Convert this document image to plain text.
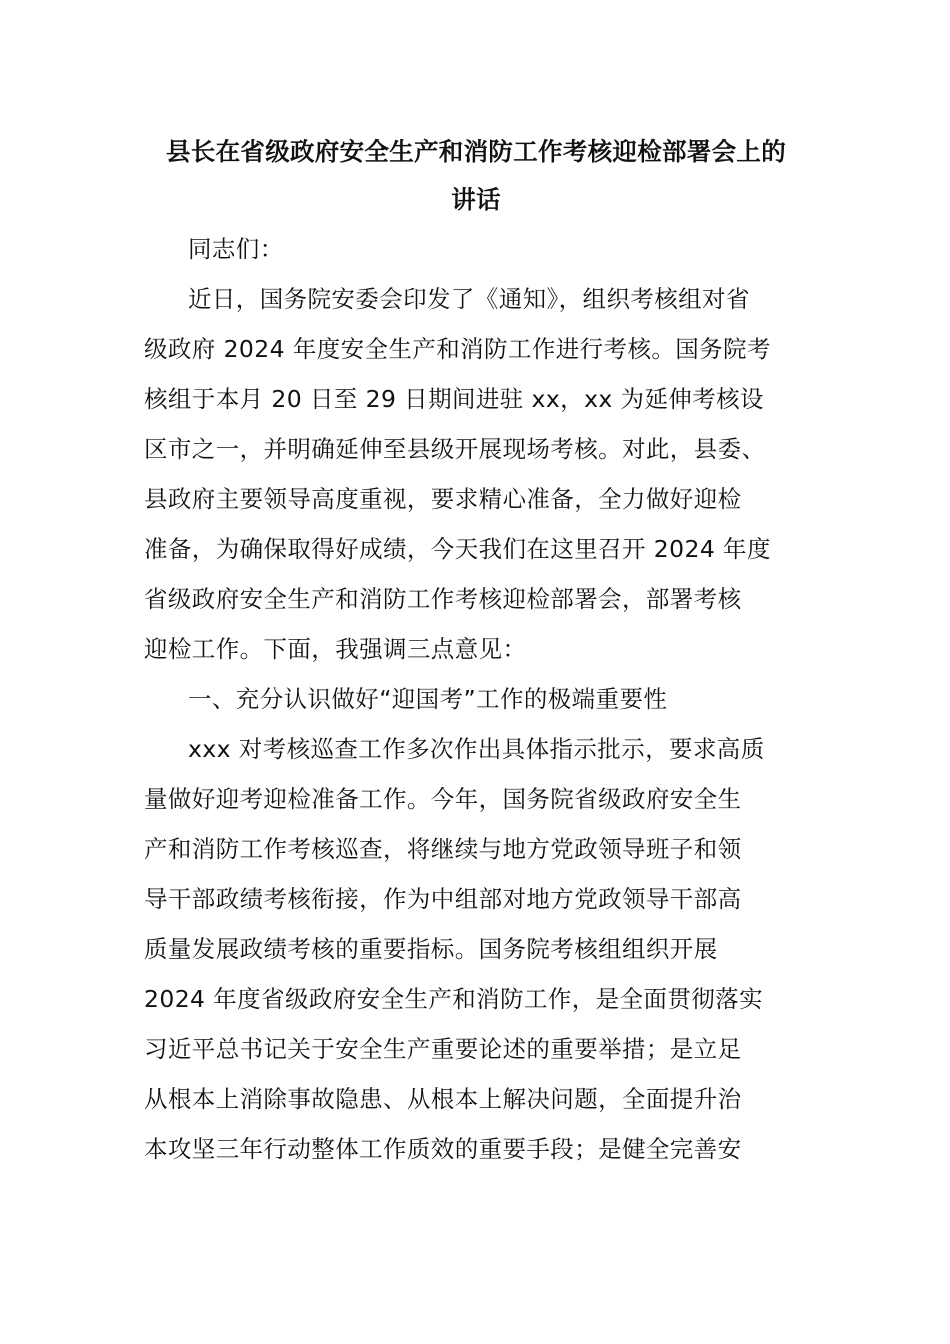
县长在省级政府安全生产和消防工作考核迎检部署会上的
讲话
同志们：
近日，国务院安委会印发了《通知》，组织考核组对省
级政府 2024 年度安全生产和消防工作进行考核。国务院考
核组于本月 20 日至 29 日期间进驻 xx，xx 为延伸考核设
区市之一，并明确延伸至县级开展现场考核。对此，县委、
县政府主要领导高度重视，要求精心准备，全力做好迎检
准备，为确保取得好成绩，今天我们在这里召开 2024 年度
省级政府安全生产和消防工作考核迎检部署会，部署考核
迎检工作。下面，我强调三点意见：
一、充分认识做好“迎国考”工作的极端重要性
xxx 对考核巡查工作多次作出具体指示批示，要求高质
量做好迎考迎检准备工作。今年，国务院省级政府安全生
产和消防工作考核巡查，将继续与地方党政领导班子和领
导干部政绩考核衔接，作为中组部对地方党政领导干部高
质量发展政绩考核的重要指标。国务院考核组组织开展
2024 年度省级政府安全生产和消防工作，是全面贯彻落实
习近平总书记关于安全生产重要论述的重要举措；是立足
从根本上消除事故隐患、从根本上解决问题，全面提升治
本攻坚三年行动整体工作质效的重要手段；是健全完善安
